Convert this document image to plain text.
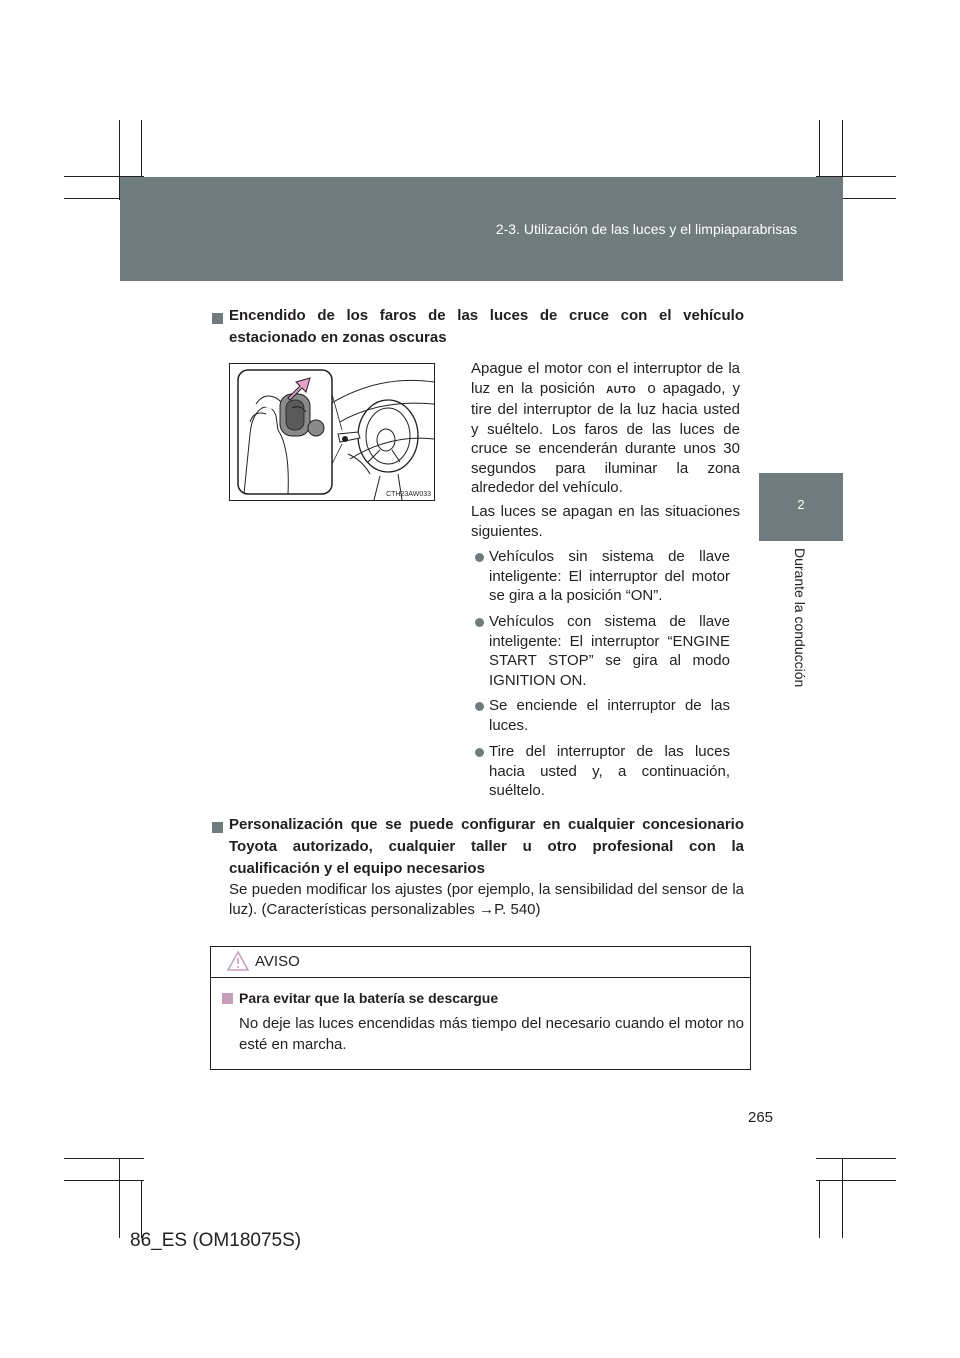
2-3. Utilización de las luces y el limpiaparabrisas
2
Durante la conducción
Encendido de los faros de las luces de cruce con el vehículo estacionado en zonas oscuras
CTH23AW033
Apague el motor con el interruptor de la luz en la posición AUTO o apagado, y tire del interruptor de la luz hacia usted y suéltelo. Los faros de las luces de cruce se encenderán durante unos 30 segundos para iluminar la zona alrededor del vehículo.
Las luces se apagan en las situaciones siguientes.
Vehículos sin sistema de llave inteligente: El interruptor del motor se gira a la posición “ON”.
Vehículos con sistema de llave inteligente: El interruptor “ENGINE START STOP” se gira al modo IGNITION ON.
Se enciende el interruptor de las luces.
Tire del interruptor de las luces hacia usted y, a continuación, suéltelo.
Personalización que se puede configurar en cualquier concesionario Toyota autorizado, cualquier taller u otro profesional con la cualificación y el equipo necesarios
Se pueden modificar los ajustes (por ejemplo, la sensibilidad del sensor de la luz). (Características personalizables →P. 540)
AVISO
Para evitar que la batería se descargue
No deje las luces encendidas más tiempo del necesario cuando el motor no esté en marcha.
265
86_ES (OM18075S)
